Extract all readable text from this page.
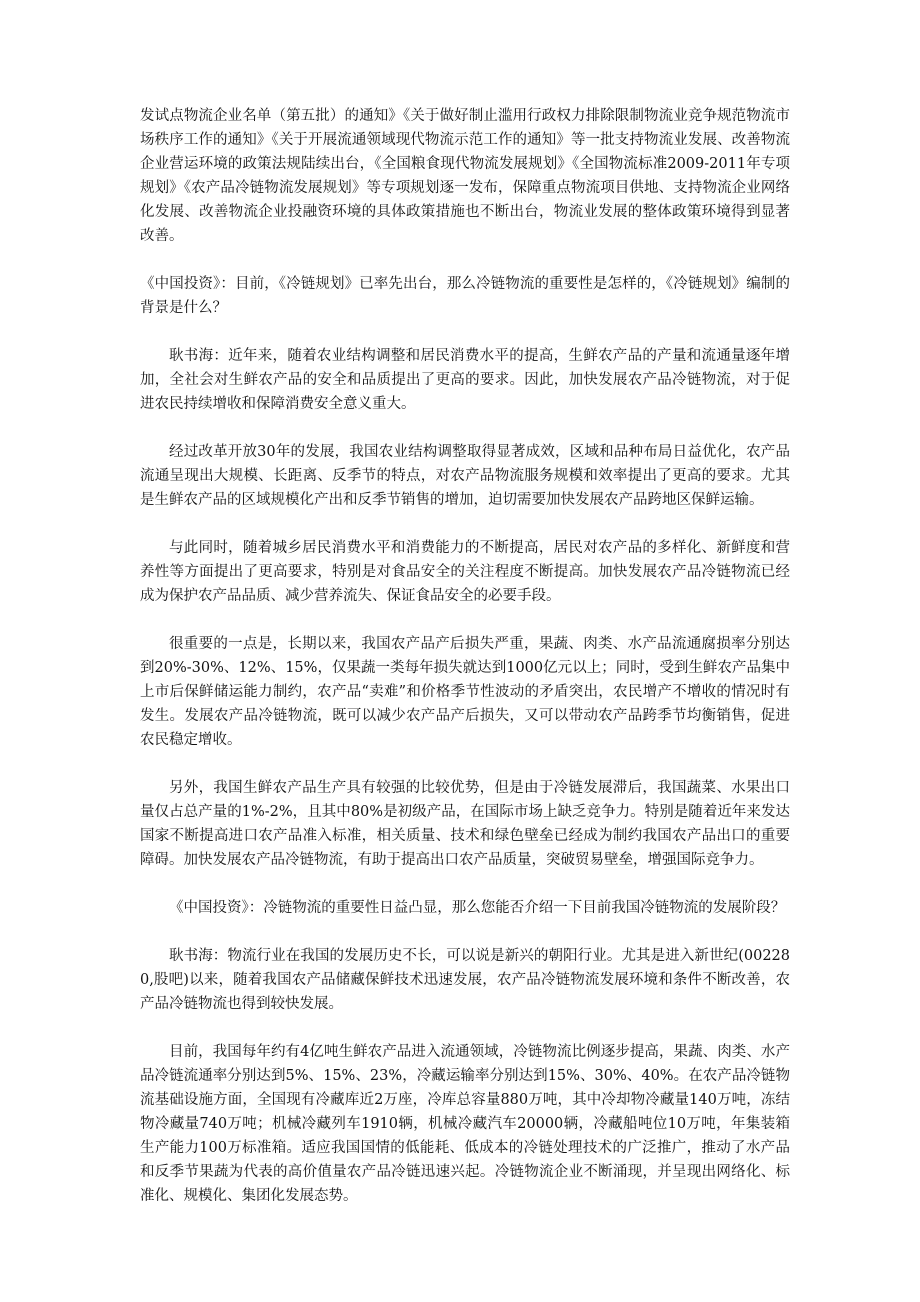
发试点物流企业名单（第五批）的通知》《关于做好制止滥用行政权力排除限制物流业竞争规范物流市场秩序工作的通知》《关于开展流通领域现代物流示范工作的通知》等一批支持物流业发展、改善物流企业营运环境的政策法规陆续出台，《全国粮食现代物流发展规划》《全国物流标准2009-2011年专项规划》《农产品冷链物流发展规划》等专项规划逐一发布，保障重点物流项目供地、支持物流企业网络化发展、改善物流企业投融资环境的具体政策措施也不断出台，物流业发展的整体政策环境得到显著改善。

《中国投资》：目前，《冷链规划》已率先出台，那么冷链物流的重要性是怎样的，《冷链规划》编制的背景是什么？

耿书海：近年来，随着农业结构调整和居民消费水平的提高，生鲜农产品的产量和流通量逐年增加，全社会对生鲜农产品的安全和品质提出了更高的要求。因此，加快发展农产品冷链物流，对于促进农民持续增收和保障消费安全意义重大。

经过改革开放30年的发展，我国农业结构调整取得显著成效，区域和品种布局日益优化，农产品流通呈现出大规模、长距离、反季节的特点，对农产品物流服务规模和效率提出了更高的要求。尤其是生鲜农产品的区域规模化产出和反季节销售的增加，迫切需要加快发展农产品跨地区保鲜运输。

与此同时，随着城乡居民消费水平和消费能力的不断提高，居民对农产品的多样化、新鲜度和营养性等方面提出了更高要求，特别是对食品安全的关注程度不断提高。加快发展农产品冷链物流已经成为保护农产品品质、减少营养流失、保证食品安全的必要手段。

很重要的一点是，长期以来，我国农产品产后损失严重，果蔬、肉类、水产品流通腐损率分别达到20%-30%、12%、15%，仅果蔬一类每年损失就达到1000亿元以上；同时，受到生鲜农产品集中上市后保鲜储运能力制约，农产品“卖难”和价格季节性波动的矛盾突出，农民增产不增收的情况时有发生。发展农产品冷链物流，既可以减少农产品产后损失，又可以带动农产品跨季节均衡销售，促进农民稳定增收。

另外，我国生鲜农产品生产具有较强的比较优势，但是由于冷链发展滞后，我国蔬菜、水果出口量仅占总产量的1%-2%，且其中80%是初级产品，在国际市场上缺乏竞争力。特别是随着近年来发达国家不断提高进口农产品准入标准，相关质量、技术和绿色壁垒已经成为制约我国农产品出口的重要障碍。加快发展农产品冷链物流，有助于提高出口农产品质量，突破贸易壁垒，增强国际竞争力。

《中国投资》：冷链物流的重要性日益凸显，那么您能否介绍一下目前我国冷链物流的发展阶段？

耿书海：物流行业在我国的发展历史不长，可以说是新兴的朝阳行业。尤其是进入新世纪(002280,股吧)以来，随着我国农产品储藏保鲜技术迅速发展，农产品冷链物流发展环境和条件不断改善，农产品冷链物流也得到较快发展。

目前，我国每年约有4亿吨生鲜农产品进入流通领域，冷链物流比例逐步提高，果蔬、肉类、水产品冷链流通率分别达到5%、15%、23%，冷藏运输率分别达到15%、30%、40%。在农产品冷链物流基础设施方面，全国现有冷藏库近2万座，冷库总容量880万吨，其中冷却物冷藏量140万吨，冻结物冷藏量740万吨；机械冷藏列车1910辆，机械冷藏汽车20000辆，冷藏船吨位10万吨，年集装箱生产能力100万标准箱。适应我国国情的低能耗、低成本的冷链处理技术的广泛推广，推动了水产品和反季节果蔬为代表的高价值量农产品冷链迅速兴起。冷链物流企业不断涌现，并呈现出网络化、标准化、规模化、集团化发展态势。
